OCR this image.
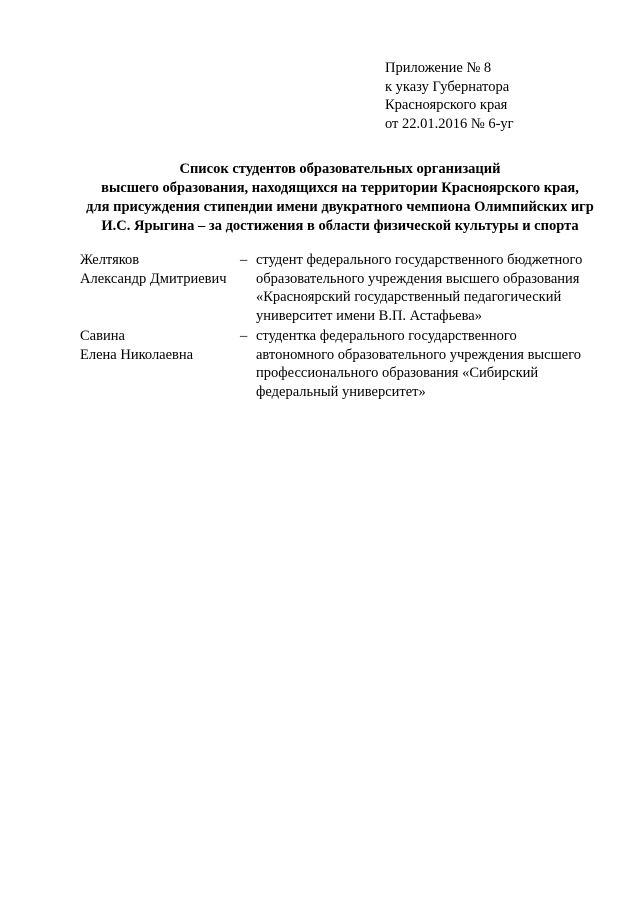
Приложение № 8
к указу Губернатора
Красноярского края
от 22.01.2016 № 6-уг
Список студентов образовательных организаций
высшего образования, находящихся на территории Красноярского края,
для присуждения стипендии имени двукратного чемпиона Олимпийских игр
И.С. Ярыгина – за достижения в области физической культуры и спорта
Желтяков
Александр Дмитриевич
– студент федерального государственного бюджетного
образовательного учреждения высшего образования
«Красноярский государственный педагогический
университет имени В.П. Астафьева»
Савина
Елена Николаевна
– студентка федерального государственного
автономного образовательного учреждения высшего
профессионального образования «Сибирский
федеральный университет»
